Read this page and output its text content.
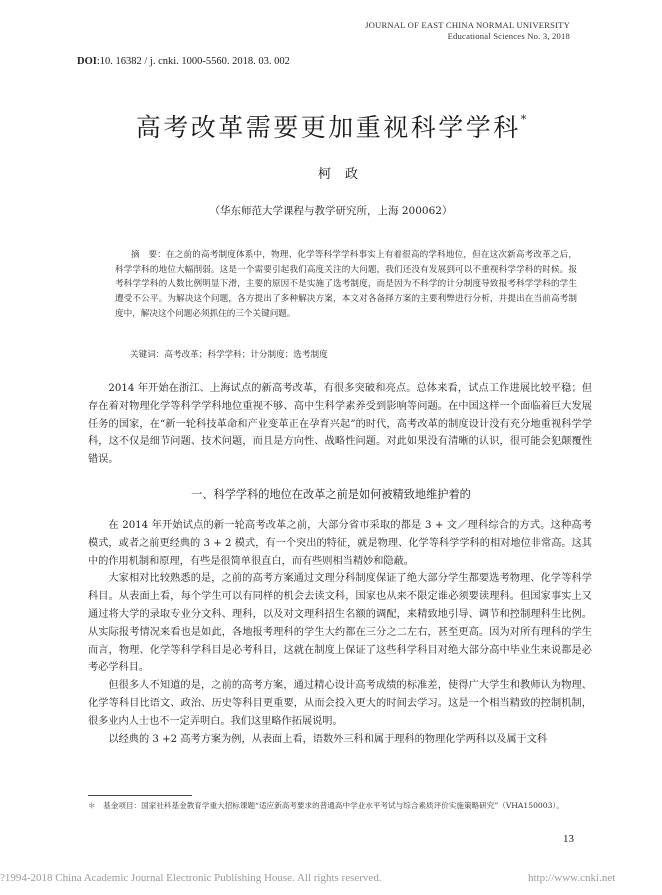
JOURNAL OF EAST CHINA NORMAL UNIVERSITY
Educational Sciences No. 3, 2018
DOI:10. 16382 / j. cnki. 1000-5560. 2018. 03. 002
高考改革需要更加重视科学学科*
柯政
（华东师范大学课程与教学研究所，上海 200062）
摘　要：在之前的高考制度体系中，物理、化学等科学学科事实上有着很高的学科地位，但在这次新高考改革之后，科学学科的地位大幅削弱。这是一个需要引起我们高度关注的大问题，我们还没有发展到可以不重视科学学科的时候。报考科学学科的人数比例明显下滑，主要的原因不是实施了选考制度，而是因为不科学的计分制度导致报考科学学科的学生遭受不公平。为解决这个问题，各方提出了多种解决方案，本文对各备择方案的主要利弊进行分析，并提出在当前高考制度中，解决这个问题必须抓住的三个关键问题。
关键词：高考改革；科学学科；计分制度；选考制度

2014 年开始在浙江、上海试点的新高考改革，有很多突破和亮点。总体来看，试点工作进展比较平稳；但存在着对物理化学等科学学科地位重视不够、高中生科学素养受到影响等问题。在中国这样一个面临着巨大发展任务的国家，在“新一轮科技革命和产业变革正在孕育兴起”的时代，高考改革的制度设计没有充分地重视科学学科，这不仅是细节问题、技术问题，而且是方向性、战略性问题。对此如果没有清晰的认识，很可能会犯颠覆性错误。

一、科学学科的地位在改革之前是如何被精致地维护着的

在 2014 年开始试点的新一轮高考改革之前，大部分省市采取的都是 3 + 文／理科综合的方式。这种高考模式，或者之前更经典的 3 + 2 模式，有一个突出的特征，就是物理、化学等科学学科的相对地位非常高。这其中的作用机制和原理，有些是很简单很直白，而有些则相当精妙和隐蔽。

大家相对比较熟悉的是，之前的高考方案通过文理分科制度保证了绝大部分学生都要选考物理、化学等科学科目。从表面上看，每个学生可以有同样的机会去读文科，国家也从来不限定谁必须要读理科。但国家事实上又通过将大学的录取专业分文科、理科，以及对文理科招生名额的调配，来精致地引导、调节和控制理科生比例。从实际报考情况来看也是如此，各地报考理科的学生大约都在三分之二左右，甚至更高。因为对所有理科的学生而言，物理、化学等科学科目是必考科目，这就在制度上保证了这些科学科目对绝大部分高中毕业生来说都是必考必学科目。

但很多人不知道的是，之前的高考方案，通过精心设计高考成绩的标准差，使得广大学生和教师认为物理、化学等科目比语文、政治、历史等科目更重要，从而会投入更大的时间去学习。这是一个相当精致的控制机制，很多业内人士也不一定弄明白。我们这里略作拓展说明。

以经典的 3 +2 高考方案为例，从表面上看，语数外三科和属于理科的物理化学两科以及属于文科

＊　基金项目：国家社科基金教育学重大招标课题“适应新高考要求的普通高中学业水平考试与综合素质评价实施策略研究”（VHA150003）。
13
?1994-2018 China Academic Journal Electronic Publishing House. All rights reserved.	http://www.cnki.net
